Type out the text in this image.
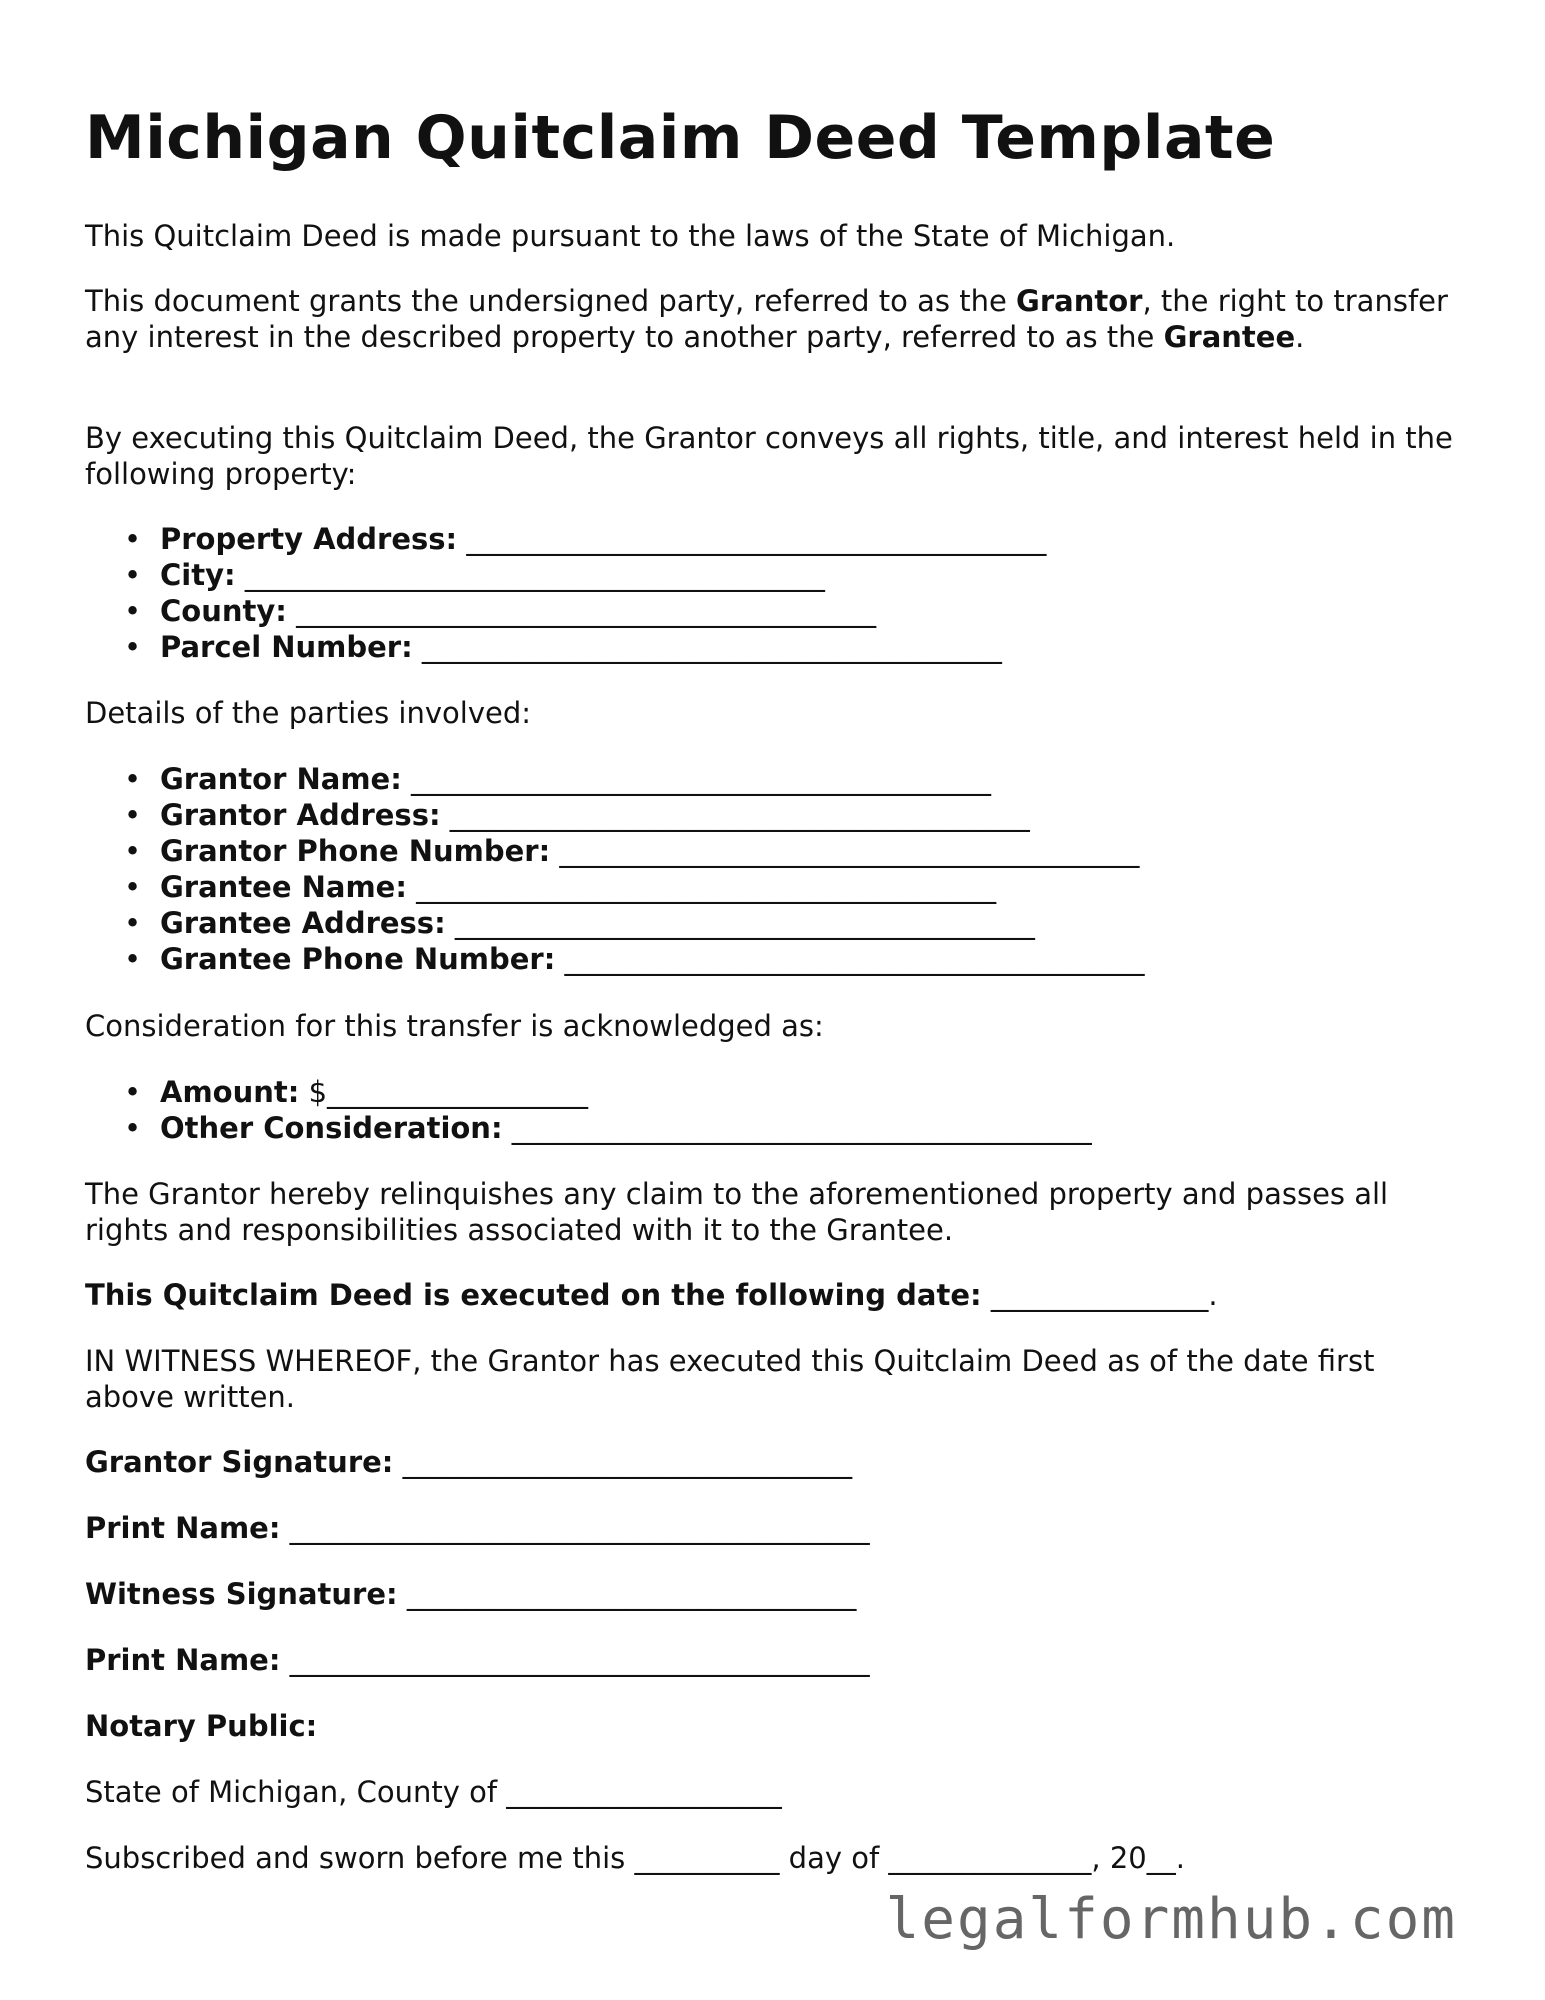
Michigan Quitclaim Deed Template
This Quitclaim Deed is made pursuant to the laws of the State of Michigan.
This document grants the undersigned party, referred to as the Grantor, the right to transfer any interest in the described property to another party, referred to as the Grantee.
By executing this Quitclaim Deed, the Grantor conveys all rights, title, and interest held in the following property:
• Property Address: ________________________________________
• City: ________________________________________
• County: ________________________________________
• Parcel Number: ________________________________________
Details of the parties involved:
• Grantor Name: ________________________________________
• Grantor Address: ________________________________________
• Grantor Phone Number: ________________________________________
• Grantee Name: ________________________________________
• Grantee Address: ________________________________________
• Grantee Phone Number: ________________________________________
Consideration for this transfer is acknowledged as:
• Amount: $__________________
• Other Consideration: ________________________________________
The Grantor hereby relinquishes any claim to the aforementioned property and passes all rights and responsibilities associated with it to the Grantee.
This Quitclaim Deed is executed on the following date: _______________.
IN WITNESS WHEREOF, the Grantor has executed this Quitclaim Deed as of the date first above written.
Grantor Signature: _______________________________
Print Name: ________________________________________
Witness Signature: _______________________________
Print Name: ________________________________________
Notary Public:
State of Michigan, County of ___________________
Subscribed and sworn before me this __________ day of ______________, 20__.
legalformhub.com
